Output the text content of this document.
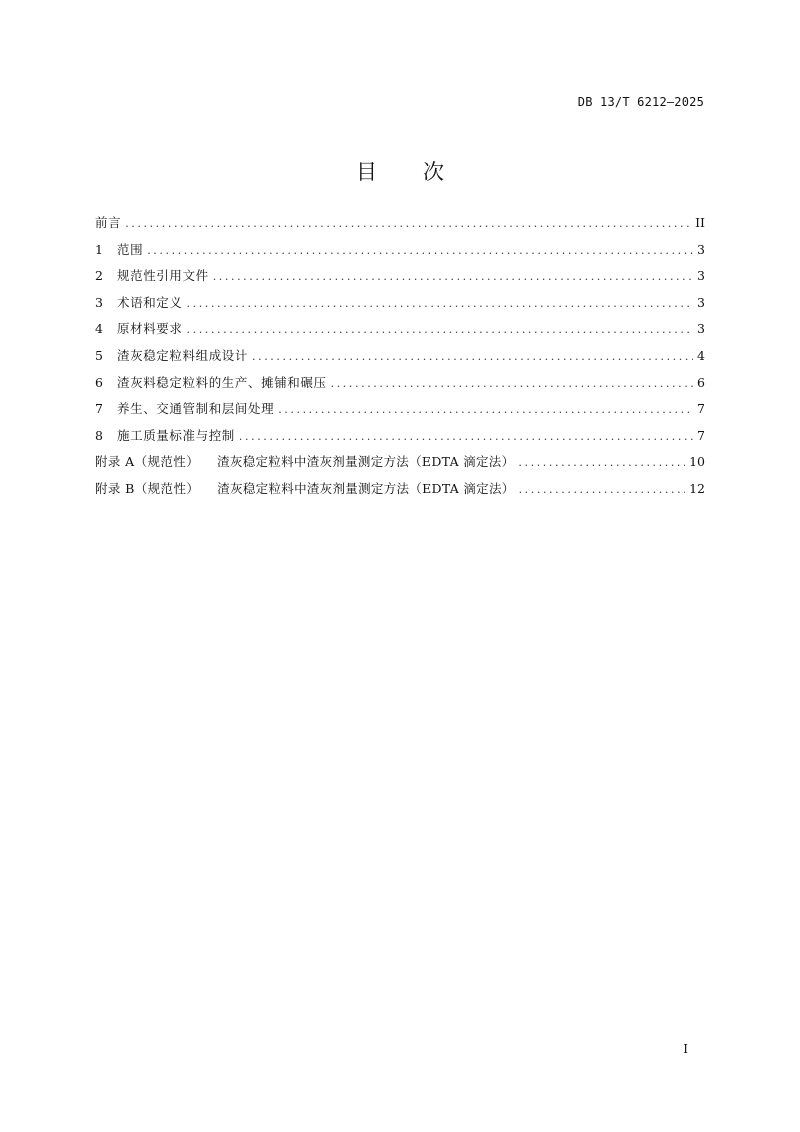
DB 13/T 6212—2025
目 次
前言 .....	II
1	范围 .....	3
2	规范性引用文件 .....	3
3	术语和定义 .....	3
4	原材料要求 .....	3
5	渣灰稳定粒料组成设计 .....	4
6	渣灰料稳定粒料的生产、摊铺和碾压 .....	6
7	养生、交通管制和层间处理 .....	7
8	施工质量标准与控制 .....	7
附录 A（规范性） 渣灰稳定粒料中渣灰剂量测定方法（EDTA 滴定法） .....	10
附录 B（规范性） 渣灰稳定粒料中渣灰剂量测定方法（EDTA 滴定法） .....	12
I
